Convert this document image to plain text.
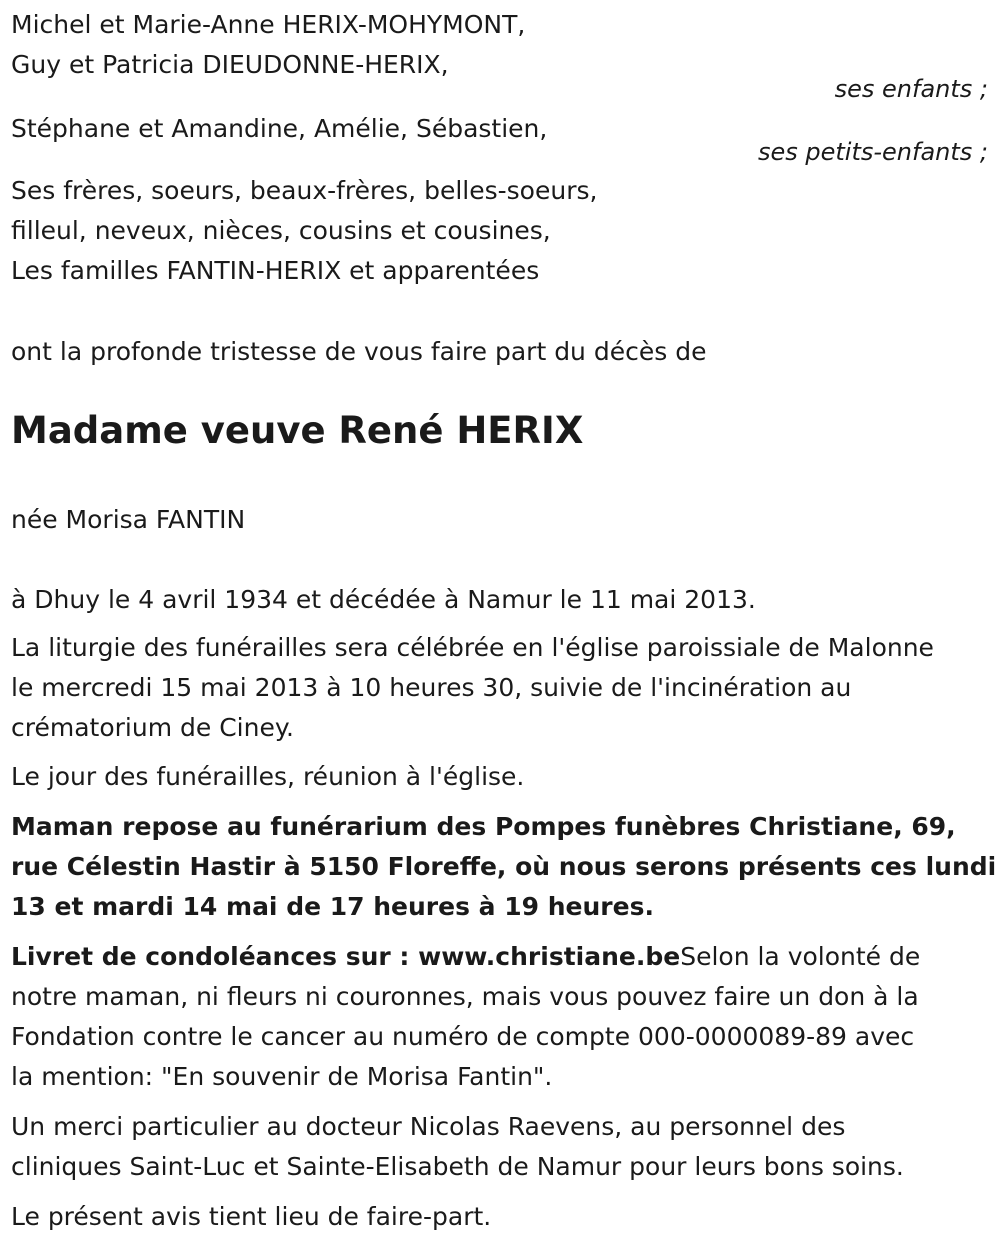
Michel et Marie-Anne HERIX-MOHYMONT,
Guy et Patricia DIEUDONNE-HERIX,
ses enfants ;
Stéphane et Amandine, Amélie, Sébastien,
ses petits-enfants ;
Ses frères, soeurs, beaux-frères, belles-soeurs,
filleul, neveux, nièces, cousins et cousines,
Les familles FANTIN-HERIX et apparentées
ont la profonde tristesse de vous faire part du décès de
Madame veuve René HERIX
née Morisa FANTIN
à Dhuy le 4 avril 1934 et décédée à Namur le 11 mai 2013.
La liturgie des funérailles sera célébrée en l'église paroissiale de Malonne
le mercredi 15 mai 2013 à 10 heures 30, suivie de l'incinération au
crématorium de Ciney.
Le jour des funérailles, réunion à l'église.
Maman repose au funérarium des Pompes funèbres Christiane, 69,
rue Célestin Hastir à 5150 Floreffe, où nous serons présents ces lundi
13 et mardi 14 mai de 17 heures à 19 heures.
Livret de condoléances sur : www.christiane.beSelon la volonté de
notre maman, ni fleurs ni couronnes, mais vous pouvez faire un don à la
Fondation contre le cancer au numéro de compte 000-0000089-89 avec
la mention: "En souvenir de Morisa Fantin".
Un merci particulier au docteur Nicolas Raevens, au personnel des
cliniques Saint-Luc et Sainte-Elisabeth de Namur pour leurs bons soins.
Le présent avis tient lieu de faire-part.
